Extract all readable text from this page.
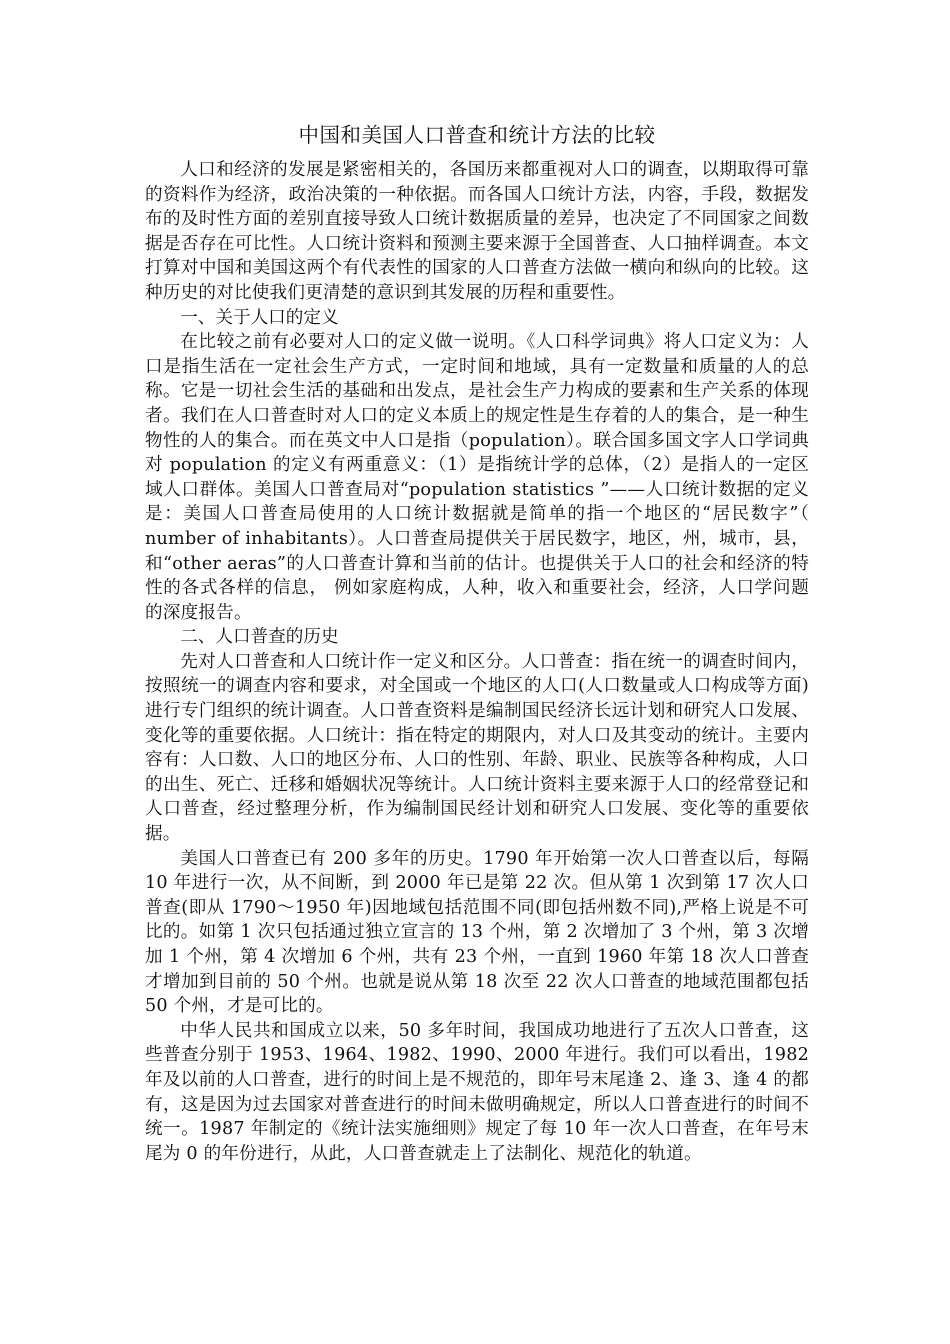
中国和美国人口普查和统计方法的比较

人口和经济的发展是紧密相关的，各国历来都重视对人口的调查，以期取得可靠的资料作为经济，政治决策的一种依据。而各国人口统计方法，内容，手段，数据发布的及时性方面的差别直接导致人口统计数据质量的差异，也决定了不同国家之间数据是否存在可比性。人口统计资料和预测主要来源于全国普查、人口抽样调查。本文打算对中国和美国这两个有代表性的国家的人口普查方法做一横向和纵向的比较。这种历史的对比使我们更清楚的意识到其发展的历程和重要性。

一、关于人口的定义

在比较之前有必要对人口的定义做一说明。《人口科学词典》将人口定义为：人口是指生活在一定社会生产方式，一定时间和地域，具有一定数量和质量的人的总称。它是一切社会生活的基础和出发点，是社会生产力构成的要素和生产关系的体现者。我们在人口普查时对人口的定义本质上的规定性是生存着的人的集合，是一种生物性的人的集合。而在英文中人口是指（population）。联合国多国文字人口学词典对 population 的定义有两重意义：（1）是指统计学的总体，（2）是指人的一定区域人口群体。美国人口普查局对“population statistics ”——人口统计数据的定义是：美国人口普查局使用的人口统计数据就是简单的指一个地区的“居民数字”（ number of inhabitants）。人口普查局提供关于居民数字，地区，州，城市，县，和“other aeras”的人口普查计算和当前的估计。也提供关于人口的社会和经济的特性的各式各样的信息， 例如家庭构成，人种，收入和重要社会，经济，人口学问题的深度报告。

二、人口普查的历史

先对人口普查和人口统计作一定义和区分。人口普查：指在统一的调查时间内，按照统一的调查内容和要求，对全国或一个地区的人口(人口数量或人口构成等方面)进行专门组织的统计调查。人口普查资料是编制国民经济长远计划和研究人口发展、变化等的重要依据。人口统计：指在特定的期限内，对人口及其变动的统计。主要内容有：人口数、人口的地区分布、人口的性别、年龄、职业、民族等各种构成，人口的出生、死亡、迁移和婚姻状况等统计。人口统计资料主要来源于人口的经常登记和人口普查，经过整理分析，作为编制国民经计划和研究人口发展、变化等的重要依据。

美国人口普查已有 200 多年的历史。1790 年开始第一次人口普查以后，每隔 10 年进行一次，从不间断，到 2000 年已是第 22 次。但从第 1 次到第 17 次人口普查(即从 1790～1950 年)因地域包括范围不同(即包括州数不同),严格上说是不可比的。如第 1 次只包括通过独立宣言的 13 个州，第 2 次增加了 3 个州，第 3 次增加 1 个州，第 4 次增加 6 个州，共有 23 个州，一直到 1960 年第 18 次人口普查才增加到目前的 50 个州。也就是说从第 18 次至 22 次人口普查的地域范围都包括 50 个州，才是可比的。

中华人民共和国成立以来，50 多年时间，我国成功地进行了五次人口普查，这些普查分别于 1953、1964、1982、1990、2000 年进行。我们可以看出，1982 年及以前的人口普查，进行的时间上是不规范的，即年号末尾逢 2、逢 3、逢 4 的都有，这是因为过去国家对普查进行的时间未做明确规定，所以人口普查进行的时间不统一。1987 年制定的《统计法实施细则》规定了每 10 年一次人口普查，在年号末尾为 0 的年份进行，从此，人口普查就走上了法制化、规范化的轨道。
